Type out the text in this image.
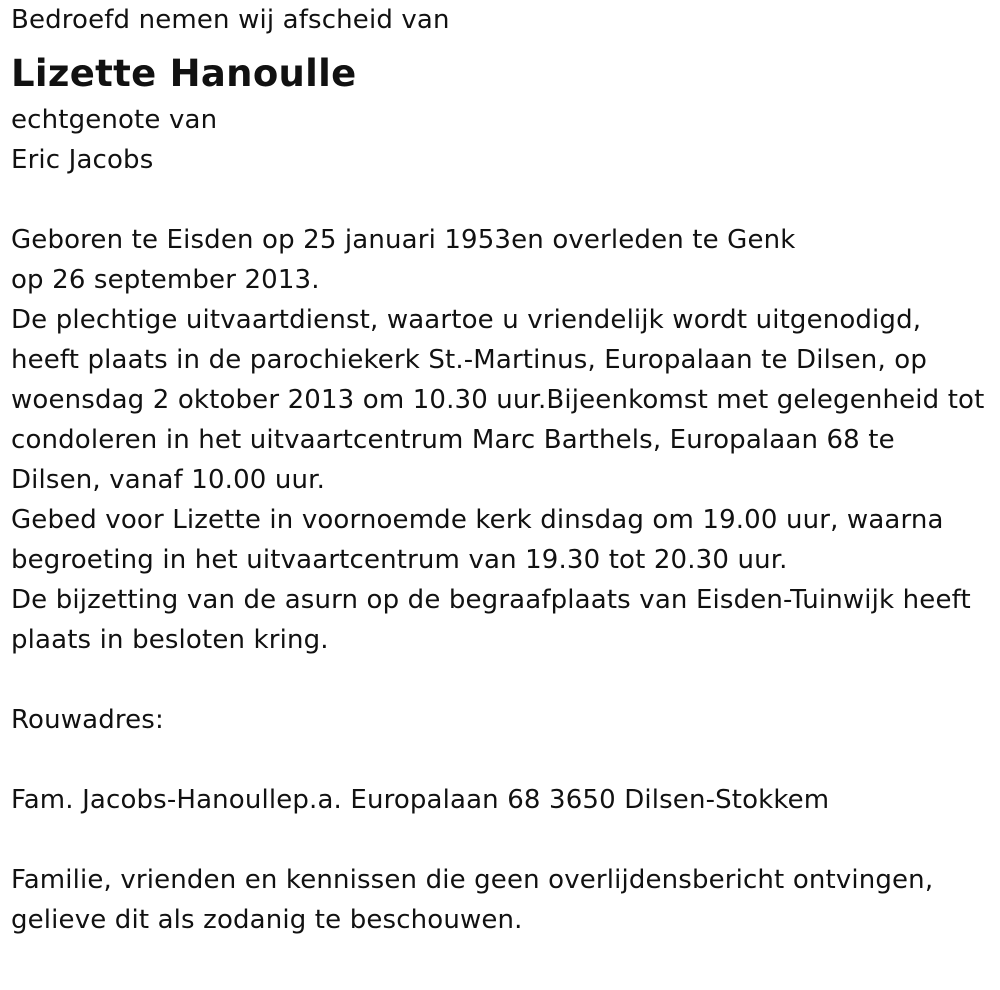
Bedroefd nemen wij afscheid van
Lizette Hanoulle
echtgenote van
Eric Jacobs
Geboren te Eisden op 25 januari 1953en overleden te Genk
op 26 september 2013.
De plechtige uitvaartdienst, waartoe u vriendelijk wordt uitgenodigd,
heeft plaats in de parochiekerk St.-Martinus, Europalaan te Dilsen, op
woensdag 2 oktober 2013 om 10.30 uur.Bijeenkomst met gelegenheid tot
condoleren in het uitvaartcentrum Marc Barthels, Europalaan 68 te
Dilsen, vanaf 10.00 uur.
Gebed voor Lizette in voornoemde kerk dinsdag om 19.00 uur, waarna
begroeting in het uitvaartcentrum van 19.30 tot 20.30 uur.
De bijzetting van de asurn op de begraafplaats van Eisden-Tuinwijk heeft
plaats in besloten kring.
Rouwadres:
Fam. Jacobs-Hanoullep.a. Europalaan 68 3650 Dilsen-Stokkem
Familie, vrienden en kennissen die geen overlijdensbericht ontvingen,
gelieve dit als zodanig te beschouwen.
